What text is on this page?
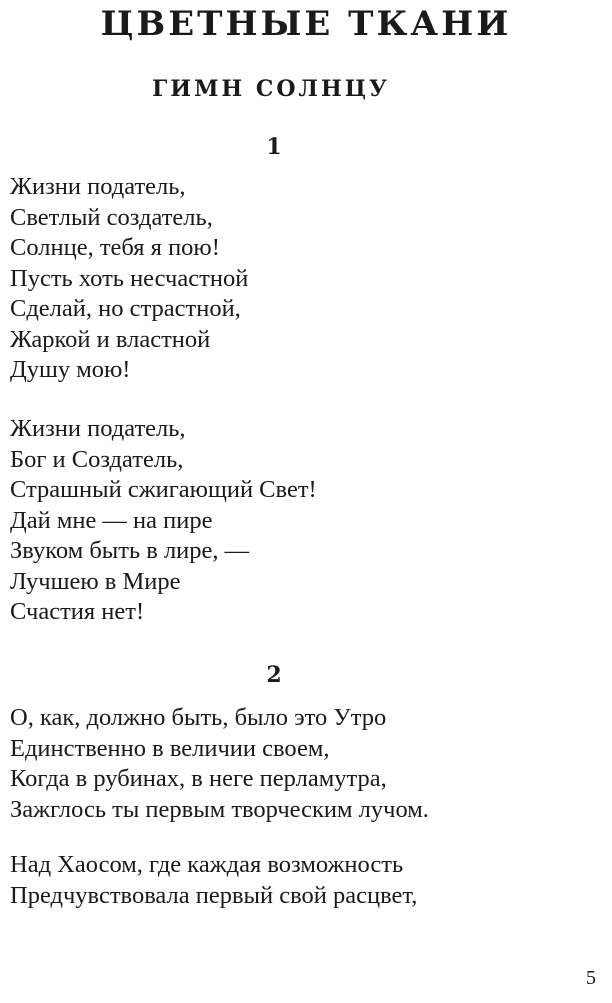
ЦВЕТНЫЕ ТКАНИ
ГИМН СОЛНЦУ
1
Жизни податель,
Светлый создатель,
Солнце, тебя я пою!
Пусть хоть несчастной
Сделай, но страстной,
Жаркой и властной
Душу мою!
Жизни податель,
Бог и Создатель,
Страшный сжигающий Свет!
Дай мне — на пире
Звуком быть в лире, —
Лучшею в Мире
Счастия нет!
2
О, как, должно быть, было это Утро
Единственно в величии своем,
Когда в рубинах, в неге перламутра,
Зажглось ты первым творческим лучом.
Над Хаосом, где каждая возможность
Предчувствовала первый свой расцвет,
5
